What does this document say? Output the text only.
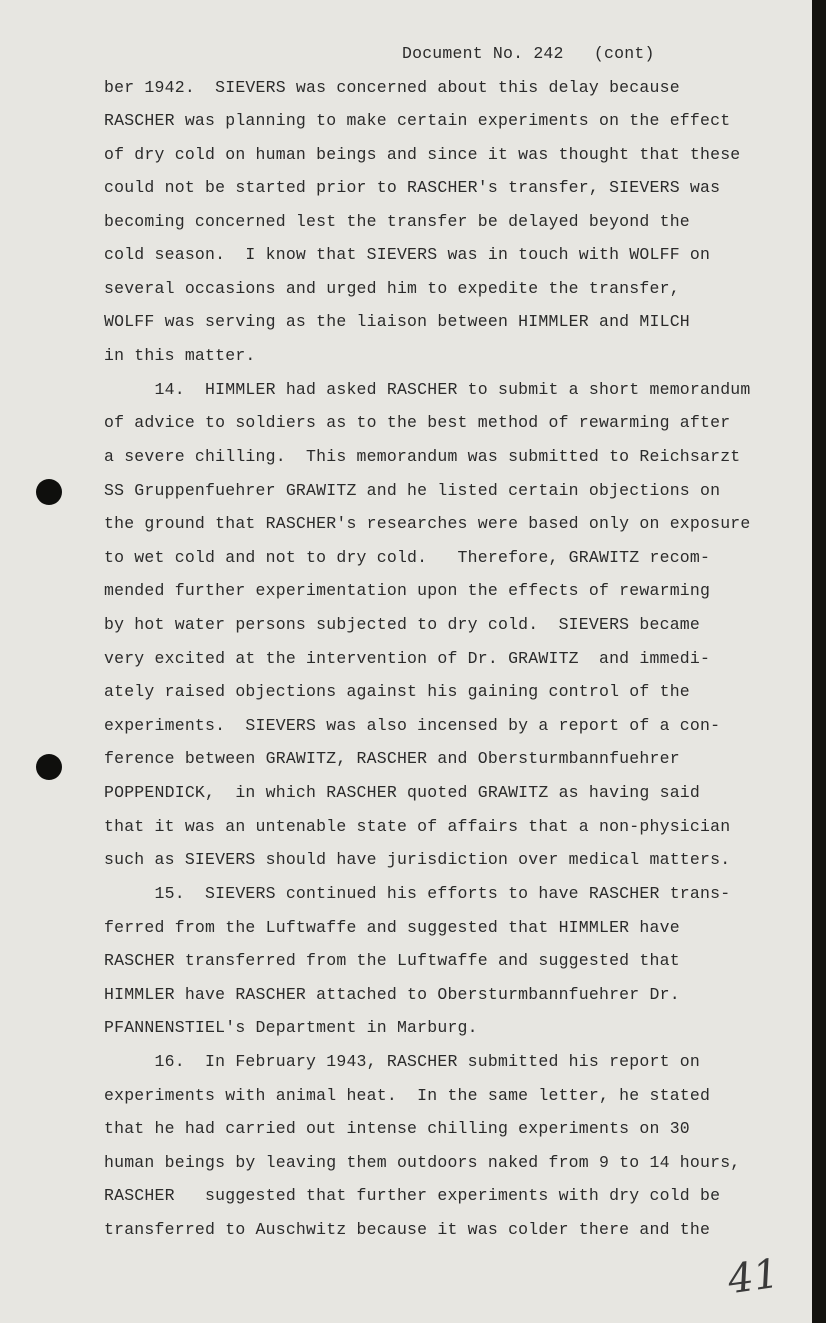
Document No. 242   (cont)
ber 1942.  SIEVERS was concerned about this delay because
RASCHER was planning to make certain experiments on the effect
of dry cold on human beings and since it was thought that these
could not be started prior to RASCHER's transfer, SIEVERS was
becoming concerned lest the transfer be delayed beyond the
cold season.  I know that SIEVERS was in touch with WOLFF on
several occasions and urged him to expedite the transfer,
WOLFF was serving as the liaison between HIMMLER and MILCH
in this matter.
14.  HIMMLER had asked RASCHER to submit a short memorandum
of advice to soldiers as to the best method of rewarming after
a severe chilling.  This memorandum was submitted to Reichsarzt
SS Gruppenfuehrer GRAWITZ and he listed certain objections on
the ground that RASCHER's researches were based only on exposure
to wet cold and not to dry cold.   Therefore, GRAWITZ recom-
mended further experimentation upon the effects of rewarming
by hot water persons subjected to dry cold.  SIEVERS became
very excited at the intervention of Dr. GRAWITZ  and immedi-
ately raised objections against his gaining control of the
experiments.  SIEVERS was also incensed by a report of a con-
ference between GRAWITZ, RASCHER and Obersturmbannfuehrer
POPPENDICK,  in which RASCHER quoted GRAWITZ as having said
that it was an untenable state of affairs that a non-physician
such as SIEVERS should have jurisdiction over medical matters.
15.  SIEVERS continued his efforts to have RASCHER trans-
ferred from the Luftwaffe and suggested that HIMMLER have
RASCHER transferred from the Luftwaffe and suggested that
HIMMLER have RASCHER attached to Obersturmbannfuehrer Dr.
PFANNENSTIEL's Department in Marburg.
16.  In February 1943, RASCHER submitted his report on
experiments with animal heat.  In the same letter, he stated
that he had carried out intense chilling experiments on 30
human beings by leaving them outdoors naked from 9 to 14 hours,
RASCHER   suggested that further experiments with dry cold be
transferred to Auschwitz because it was colder there and the
41
